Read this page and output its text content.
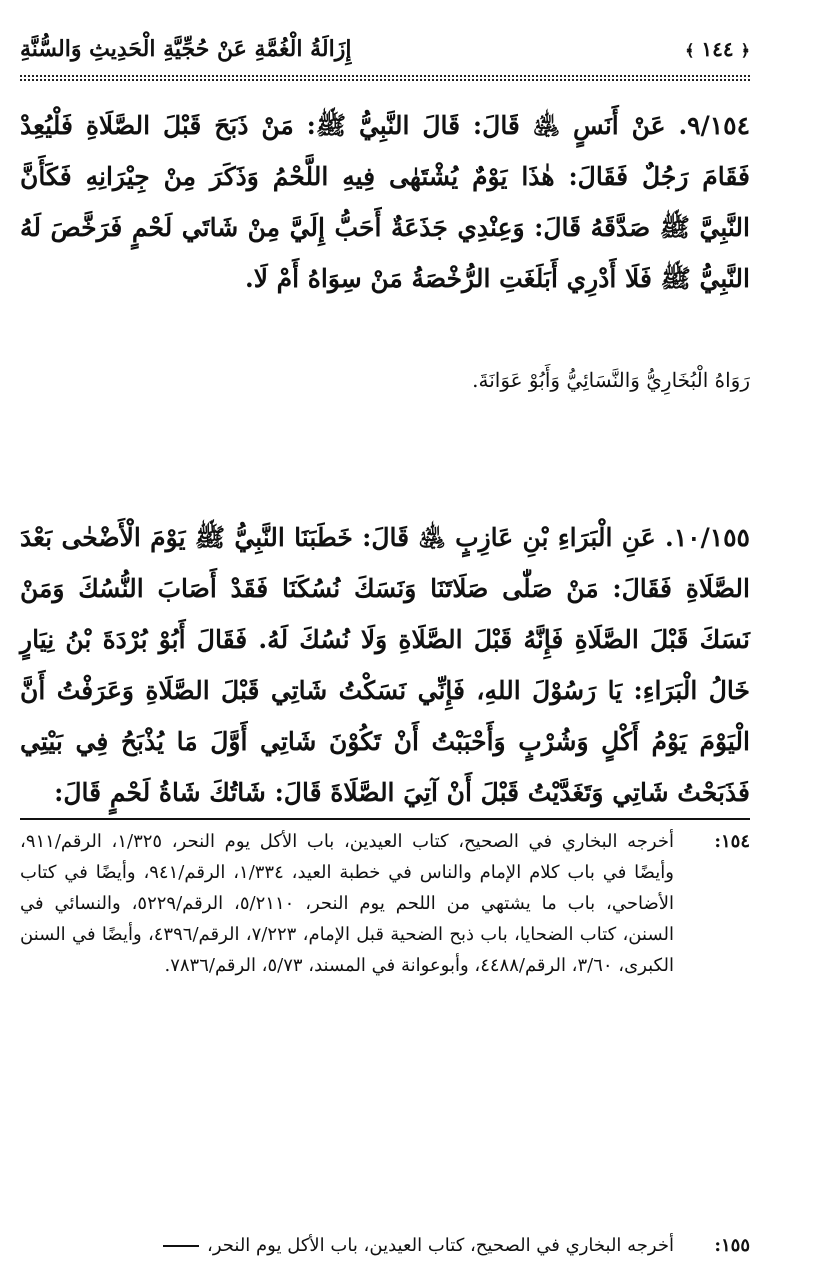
﴿ ١٤٤ ﴾
إِزَالَةُ الْغُمَّةِ عَنْ حُجِّيَّةِ الْحَدِيثِ وَالسُّنَّةِ
٩/١٥٤. عَنْ أَنَسٍ ﵁ قَالَ: قَالَ النَّبِيُّ ﷺ: مَنْ ذَبَحَ قَبْلَ الصَّلَاةِ فَلْيُعِدْ فَقَامَ رَجُلٌ فَقَالَ: هٰذَا يَوْمٌ يُشْتَهٰى فِيهِ اللَّحْمُ وَذَكَرَ مِنْ جِيْرَانِهِ فَكَأَنَّ النَّبِيَّ ﷺ صَدَّقَهُ قَالَ: وَعِنْدِي جَذَعَةٌ أَحَبُّ إِلَيَّ مِنْ شَاتَي لَحْمٍ فَرَخَّصَ لَهُ النَّبِيُّ ﷺ فَلَا أَدْرِي أَبَلَغَتِ الرُّخْصَةُ مَنْ سِوَاهُ أَمْ لَا.
رَوَاهُ الْبُخَارِيُّ وَالنَّسَائِيُّ وَأَبُوْ عَوَانَةَ.
١٠/١٥٥. عَنِ الْبَرَاءِ بْنِ عَازِبٍ ﵁ قَالَ: خَطَبَنَا النَّبِيُّ ﷺ يَوْمَ الْأَضْحٰى بَعْدَ الصَّلَاةِ فَقَالَ: مَنْ صَلّٰى صَلَاتَنَا وَنَسَكَ نُسُكَنَا فَقَدْ أَصَابَ النُّسُكَ وَمَنْ نَسَكَ قَبْلَ الصَّلَاةِ فَإِنَّهُ قَبْلَ الصَّلَاةِ وَلَا نُسُكَ لَهُ. فَقَالَ أَبُوْ بُرْدَةَ بْنُ نِيَارٍ خَالُ الْبَرَاءِ: يَا رَسُوْلَ اللهِ، فَإِنِّي نَسَكْتُ شَاتِي قَبْلَ الصَّلَاةِ وَعَرَفْتُ أَنَّ الْيَوْمَ يَوْمُ أَكْلٍ وَشُرْبٍ وَأَحْبَبْتُ أَنْ تَكُوْنَ شَاتِي أَوَّلَ مَا يُذْبَحُ فِي بَيْتِي فَذَبَحْتُ شَاتِي وَتَغَدَّيْتُ قَبْلَ أَنْ آتِيَ الصَّلَاةَ قَالَ: شَاتُكَ شَاةُ لَحْمٍ قَالَ:
١٥٤:
أخرجه البخاري في الصحيح، كتاب العيدين، باب الأكل يوم النحر، ١/٣٢٥، الرقم/٩١١، وأيضًا في باب كلام الإمام والناس في خطبة العيد، ١/٣٣٤، الرقم/٩٤١، وأيضًا في كتاب الأضاحي، باب ما يشتهي من اللحم يوم النحر، ٥/٢١١٠، الرقم/٥٢٢٩، والنسائي في السنن، كتاب الضحايا، باب ذبح الضحية قبل الإمام، ٧/٢٢٣، الرقم/٤٣٩٦، وأيضًا في السنن الكبرى، ٣/٦٠، الرقم/٤٤٨٨، وأبوعوانة في المسند، ٥/٧٣، الرقم/٧٨٣٦.
١٥٥:
أخرجه البخاري في الصحيح، كتاب العيدين، باب الأكل يوم النحر،
